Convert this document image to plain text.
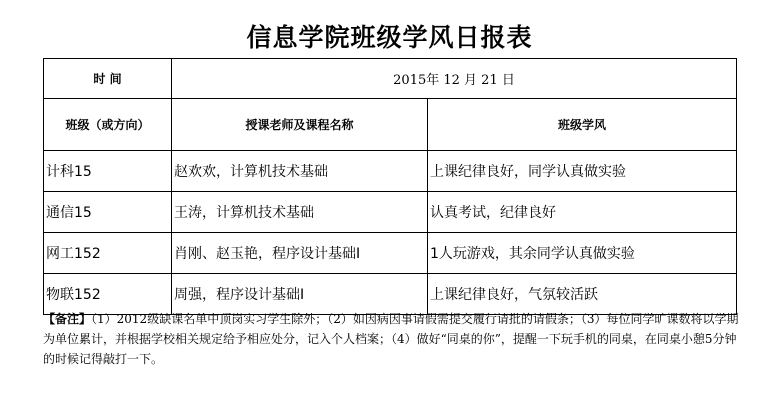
信息学院班级学风日报表
时 间	2015年 12 月 21 日	
班级（或方向）	授课老师及课程名称	班级学风
计科15	赵欢欢，计算机技术基础	上课纪律良好，同学认真做实验
通信15	王涛，计算机技术基础	认真考试，纪律良好
网工152	肖刚、赵玉艳，程序设计基础I	1人玩游戏，其余同学认真做实验
物联152	周强，程序设计基础I	上课纪律良好，气氛较活跃
【备注】（1）2012级缺课名单中顶岗实习学生除外；（2）如因病因事请假需提交履行请批的请假条；（3）每位同学旷课数将以学期为单位累计，并根据学校相关规定给予相应处分，记入个人档案；（4）做好“同桌的你”，提醒一下玩手机的同桌，在同桌小憩5分钟的时候记得敲打一下。
